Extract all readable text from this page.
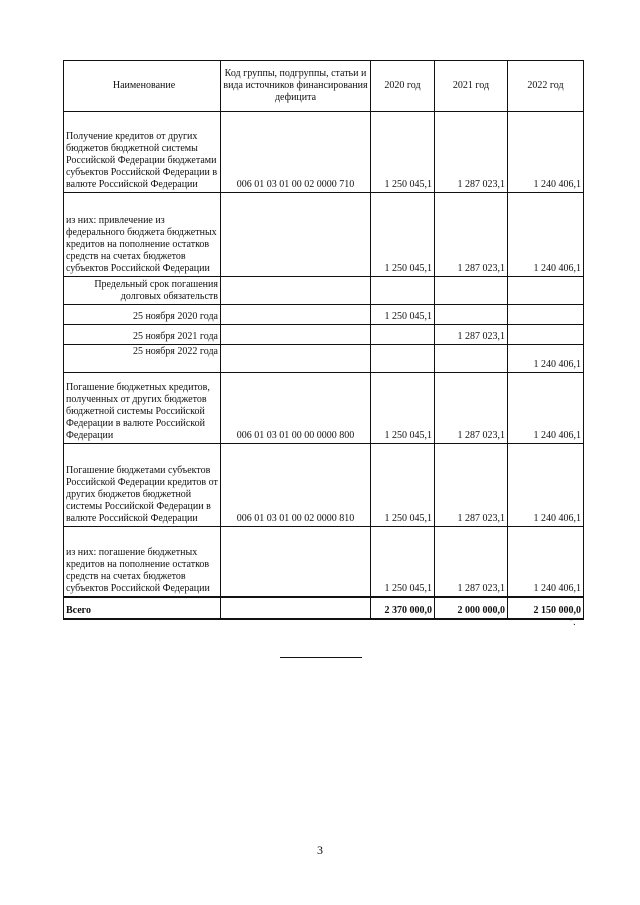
Наименование	Код группы, подгруппы, статьи и вида источников финансирования дефицита	2020 год	2021 год	2022 год
Получение кредитов от других бюджетов бюджетной системы Российской Федерации бюджетами субъектов Российской Федерации в валюте Российской Федерации	006 01 03 01 00 02 0000 710	1 250 045,1	1 287 023,1	1 240 406,1
из них: привлечение из федерального бюджета бюджетных кредитов на пополнение остатков средств на счетах бюджетов субъектов Российской Федерации		1 250 045,1	1 287 023,1	1 240 406,1
Предельный срок погашения долговых обязательств				
25 ноября 2020 года		1 250 045,1		
25 ноября 2021 года			1 287 023,1	
25 ноября 2022 года				1 240 406,1
Погашение бюджетных кредитов, полученных от других бюджетов бюджетной системы Российской Федерации в валюте Российской Федерации	006 01 03 01 00 00 0000 800	1 250 045,1	1 287 023,1	1 240 406,1
Погашение бюджетами субъектов Российской Федерации кредитов от других бюджетов бюджетной системы Российской Федерации в валюте Российской Федерации	006 01 03 01 00 02 0000 810	1 250 045,1	1 287 023,1	1 240 406,1
из них: погашение бюджетных кредитов на пополнение остатков средств на счетах бюджетов субъектов Российской Федерации		1 250 045,1	1 287 023,1	1 240 406,1
Всего		2 370 000,0	2 000 000,0	2 150 000,0
".
3
